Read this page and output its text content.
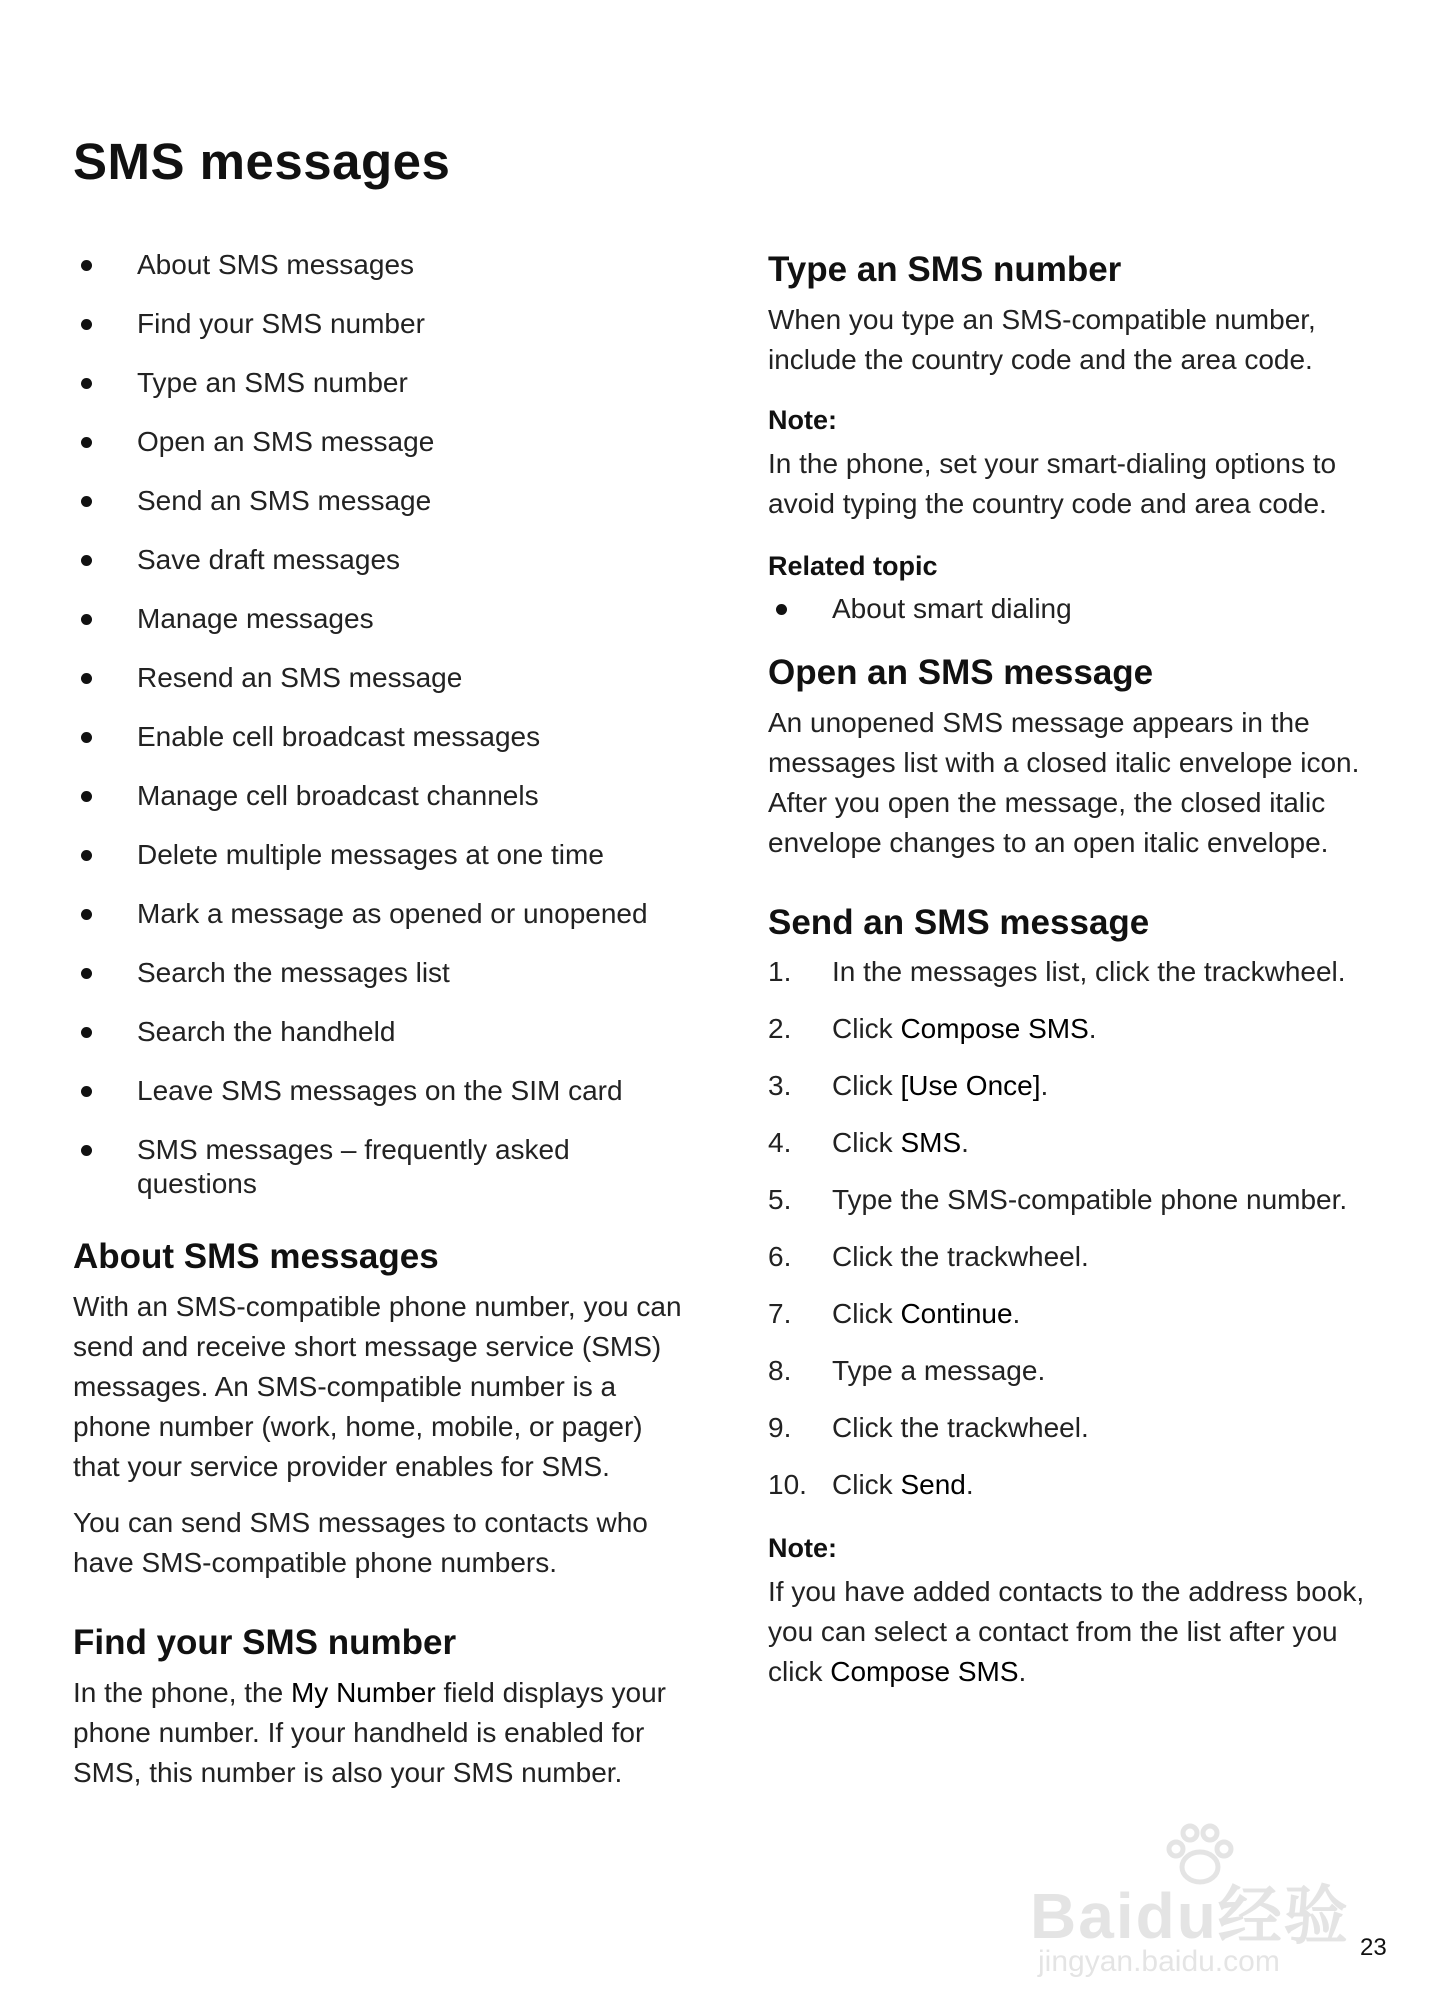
SMS messages
About SMS messages
Find your SMS number
Type an SMS number
Open an SMS message
Send an SMS message
Save draft messages
Manage messages
Resend an SMS message
Enable cell broadcast messages
Manage cell broadcast channels
Delete multiple messages at one time
Mark a message as opened or unopened
Search the messages list
Search the handheld
Leave SMS messages on the SIM card
SMS messages – frequently asked questions
About SMS messages

With an SMS-compatible phone number, you can send and receive short message service (SMS) messages. An SMS-compatible number is a phone number (work, home, mobile, or pager) that your service provider enables for SMS.

You can send SMS messages to contacts who have SMS-compatible phone numbers.

Find your SMS number

In the phone, the My Number field displays your phone number. If your handheld is enabled for SMS, this number is also your SMS number.

Type an SMS number

When you type an SMS-compatible number, include the country code and the area code.

Note:

In the phone, set your smart-dialing options to avoid typing the country code and area code.

Related topic
About smart dialing
Open an SMS message

An unopened SMS message appears in the messages list with a closed italic envelope icon. After you open the message, the closed italic envelope changes to an open italic envelope.

Send an SMS message
1. In the messages list, click the trackwheel.
2. Click Compose SMS.
3. Click [Use Once].
4. Click SMS.
5. Type the SMS-compatible phone number.
6. Click the trackwheel.
7. Click Continue.
8. Type a message.
9. Click the trackwheel.
10. Click Send.
Note:

If you have added contacts to the address book, you can select a contact from the list after you click Compose SMS.

Baidu经验
jingyan.baidu.com	23
